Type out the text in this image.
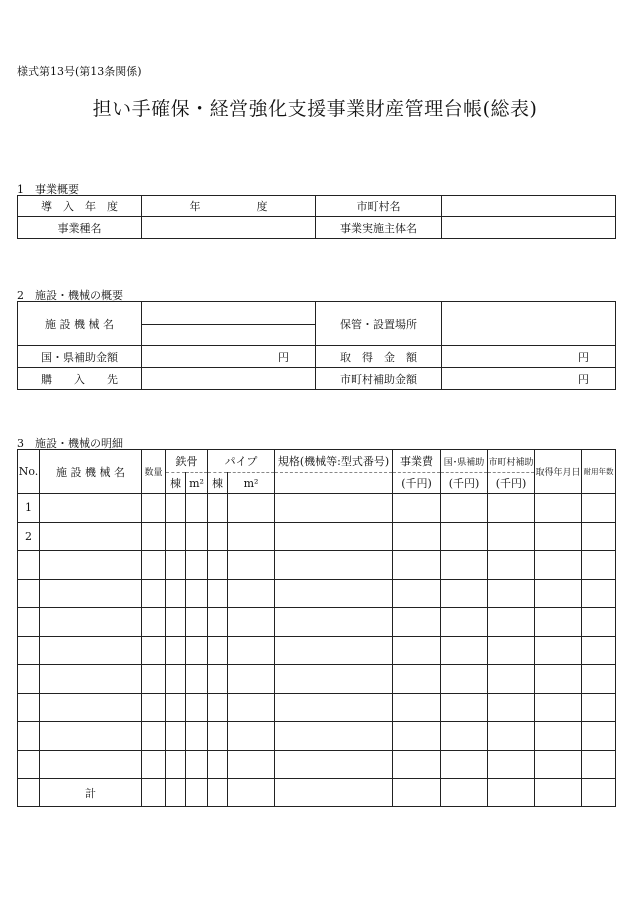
様式第13号(第13条関係)
担い手確保・経営強化支援事業財産管理台帳(総表)
1　事業概要
導　入　年　度	年 度	市町村名	
事業種名		事業実施主体名	
2　施設・機械の概要
施 設 機 械 名		保管・設置場所	
国・県補助金額	円	取　得　金　額	円
購　　入　　先		市町村補助金額	円
3　施設・機械の明細
No.	施 設 機 械 名	数量	鉄骨		パイプ		規格(機械等:型式番号)	事業費	国･県補助	市町村補助	取得年月日	耐用年数
			棟	m²	棟	m²		(千円)	(千円)	(千円)		
1												
2												

	計											
